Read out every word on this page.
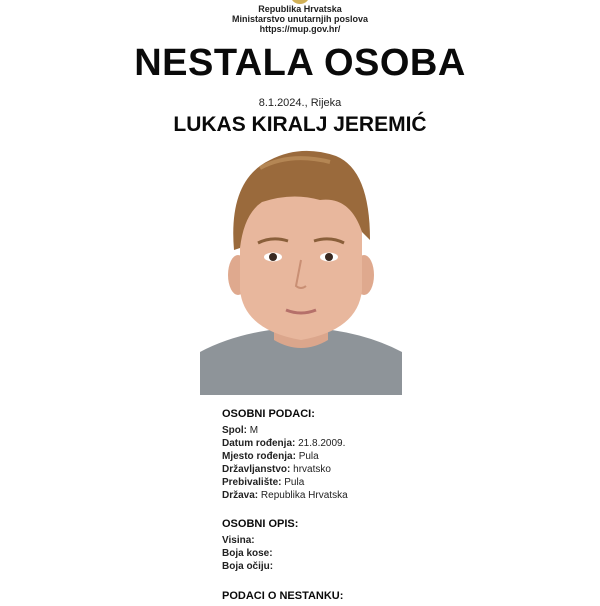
Republika Hrvatska
Ministarstvo unutarnjih poslova
https://mup.gov.hr/
NESTALA OSOBA
8.1.2024., Rijeka
LUKAS KIRALJ JEREMIĆ
OSOBNI PODACI:
Spol: M
Datum rođenja: 21.8.2009.
Mjesto rođenja: Pula
Državljanstvo: hrvatsko
Prebivalište: Pula
Država: Republika Hrvatska
OSOBNI OPIS:
Visina:
Boja kose:
Boja očiju:
PODACI O NESTANKU:
